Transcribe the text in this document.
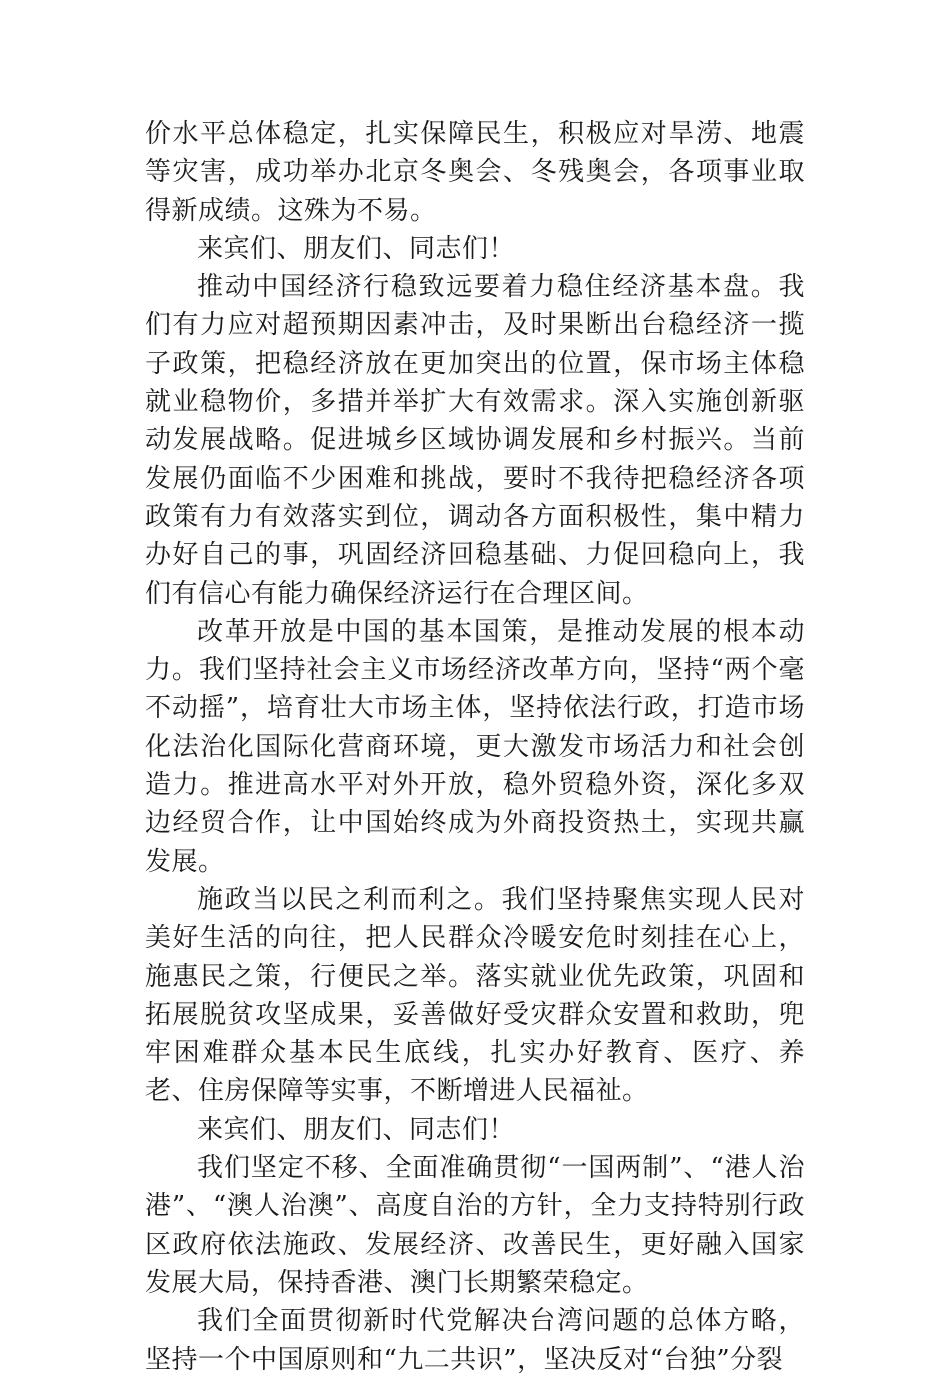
价水平总体稳定，扎实保障民生，积极应对旱涝、地震等灾害，成功举办北京冬奥会、冬残奥会，各项事业取得新成绩。这殊为不易。

来宾们、朋友们、同志们！

推动中国经济行稳致远要着力稳住经济基本盘。我们有力应对超预期因素冲击，及时果断出台稳经济一揽子政策，把稳经济放在更加突出的位置，保市场主体稳就业稳物价，多措并举扩大有效需求。深入实施创新驱动发展战略。促进城乡区域协调发展和乡村振兴。当前发展仍面临不少困难和挑战，要时不我待把稳经济各项政策有力有效落实到位，调动各方面积极性，集中精力办好自己的事，巩固经济回稳基础、力促回稳向上，我们有信心有能力确保经济运行在合理区间。

改革开放是中国的基本国策，是推动发展的根本动力。我们坚持社会主义市场经济改革方向，坚持“两个毫不动摇”，培育壮大市场主体，坚持依法行政，打造市场化法治化国际化营商环境，更大激发市场活力和社会创造力。推进高水平对外开放，稳外贸稳外资，深化多双边经贸合作，让中国始终成为外商投资热土，实现共赢发展。

施政当以民之利而利之。我们坚持聚焦实现人民对美好生活的向往，把人民群众冷暖安危时刻挂在心上，施惠民之策，行便民之举。落实就业优先政策，巩固和拓展脱贫攻坚成果，妥善做好受灾群众安置和救助，兜牢困难群众基本民生底线，扎实办好教育、医疗、养老、住房保障等实事，不断增进人民福祉。

来宾们、朋友们、同志们！

我们坚定不移、全面准确贯彻“一国两制”、“港人治港”、“澳人治澳”、高度自治的方针，全力支持特别行政区政府依法施政、发展经济、改善民生，更好融入国家发展大局，保持香港、澳门长期繁荣稳定。

我们全面贯彻新时代党解决台湾问题的总体方略，坚持一个中国原则和“九二共识”，坚决反对“台独”分裂
